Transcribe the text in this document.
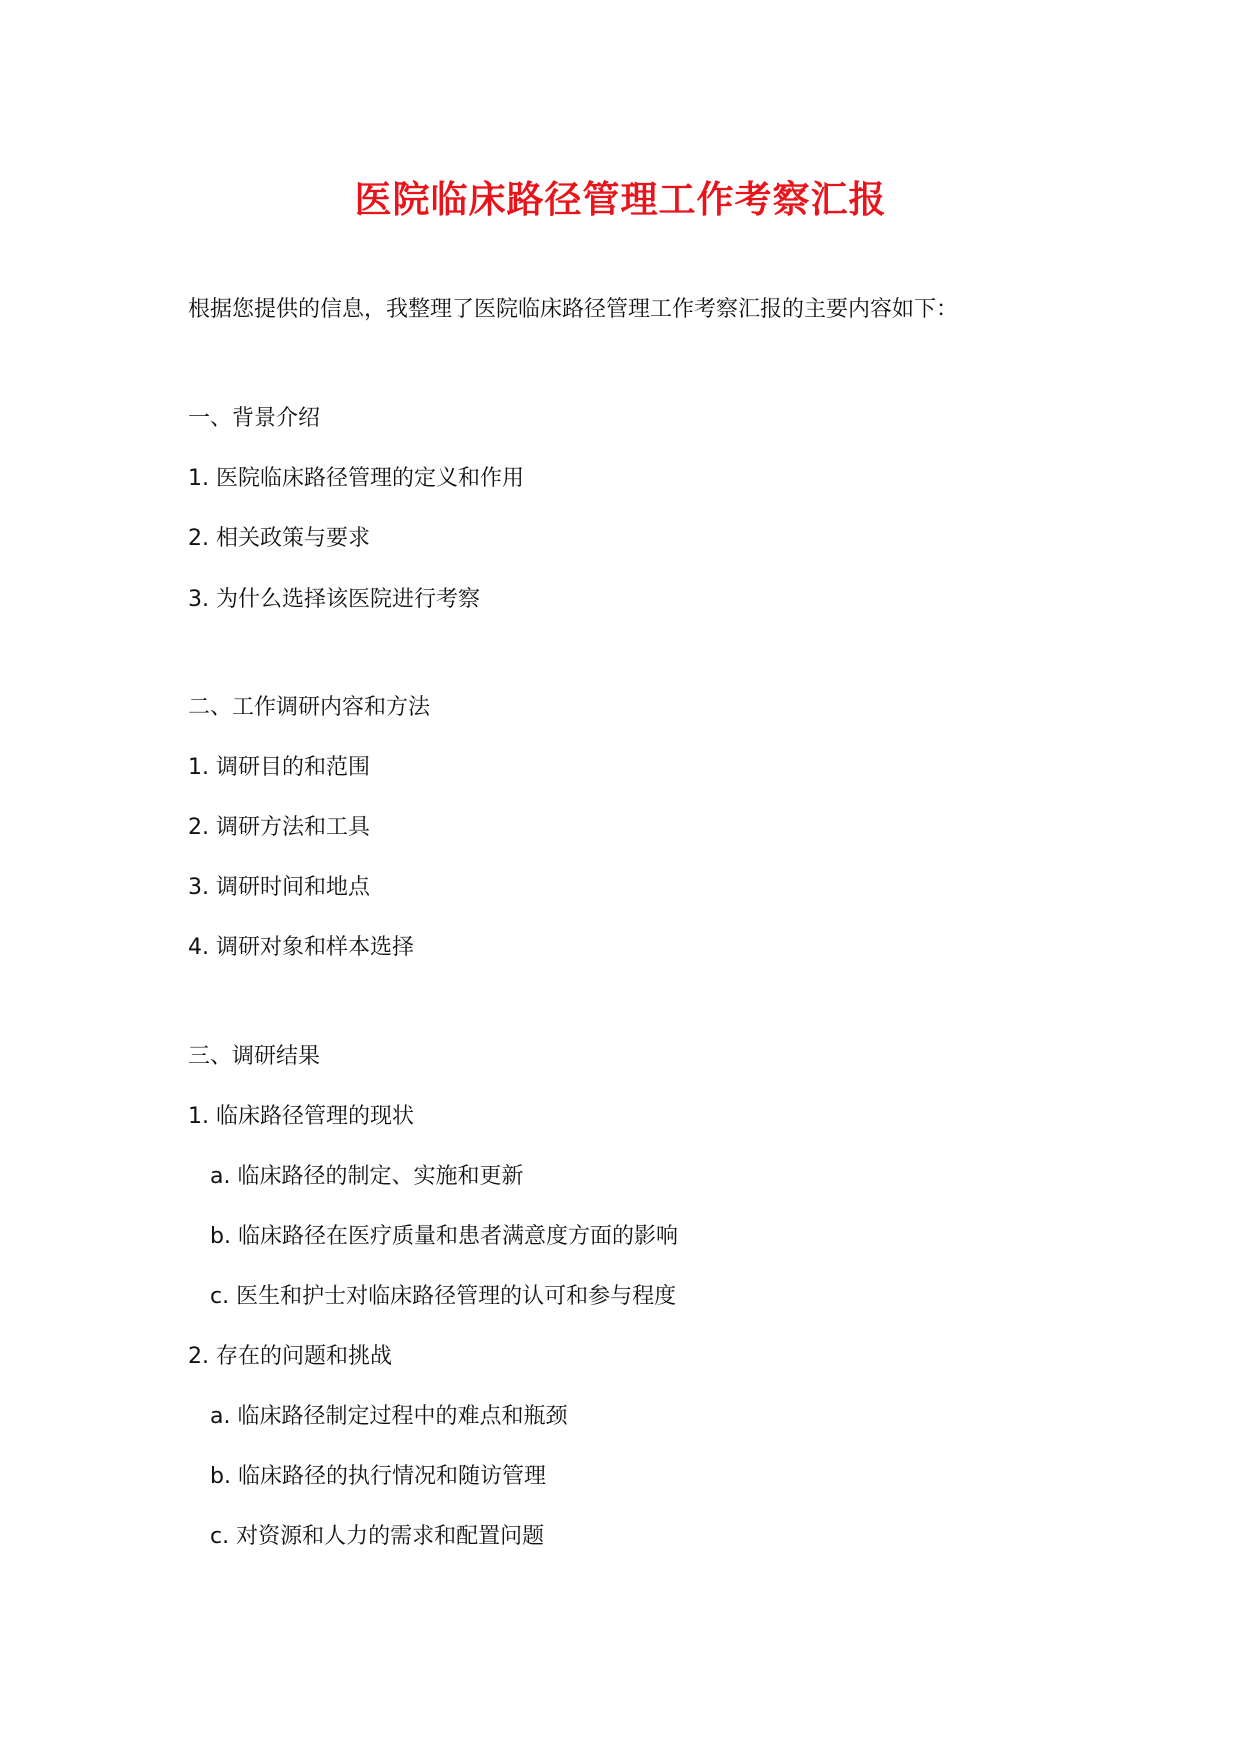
医院临床路径管理工作考察汇报

根据您提供的信息，我整理了医院临床路径管理工作考察汇报的主要内容如下：

一、背景介绍

1. 医院临床路径管理的定义和作用

2. 相关政策与要求

3. 为什么选择该医院进行考察

二、工作调研内容和方法

1. 调研目的和范围

2. 调研方法和工具

3. 调研时间和地点

4. 调研对象和样本选择

三、调研结果

1. 临床路径管理的现状

a. 临床路径的制定、实施和更新

b. 临床路径在医疗质量和患者满意度方面的影响

c. 医生和护士对临床路径管理的认可和参与程度

2. 存在的问题和挑战

a. 临床路径制定过程中的难点和瓶颈

b. 临床路径的执行情况和随访管理

c. 对资源和人力的需求和配置问题
